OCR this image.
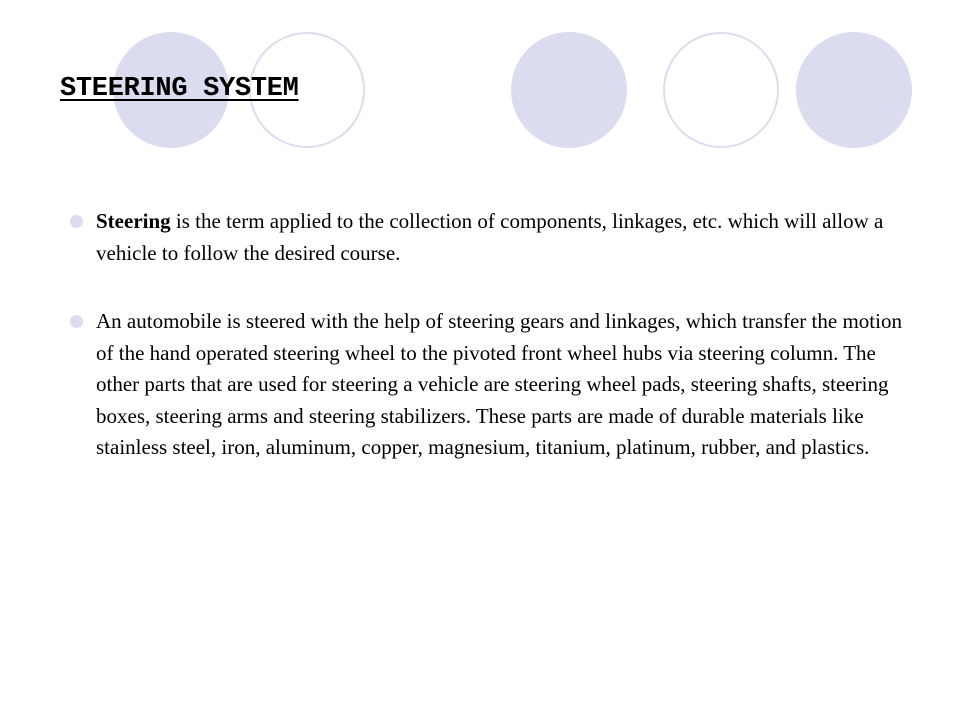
STEERING SYSTEM
Steering is the term applied to the collection of components, linkages, etc. which will allow a vehicle to follow the desired course.
An automobile is steered with the help of steering gears and linkages, which transfer the motion of the hand operated steering wheel to the pivoted front wheel hubs via steering column. The other parts that are used for steering a vehicle are steering wheel pads, steering shafts, steering boxes, steering arms and steering stabilizers. These parts are made of durable materials like stainless steel, iron, aluminum, copper, magnesium, titanium, platinum, rubber, and plastics.
